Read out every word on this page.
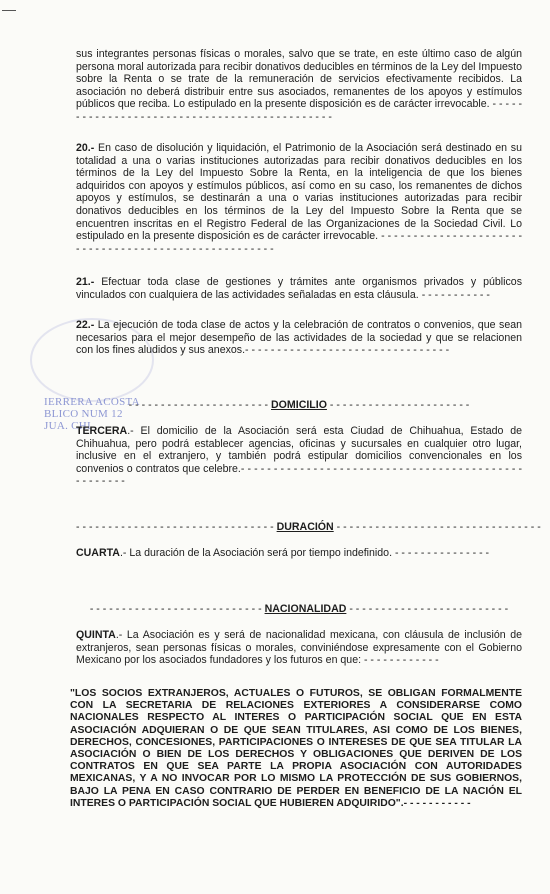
IERRERA ACOSTA
BLICO NUM 12
JUA. CHI
sus integrantes personas físicas o morales, salvo que se trate, en este último caso de algún persona moral autorizada para recibir donativos deducibles en términos de la Ley del Impuesto sobre la Renta o se trate de la remuneración de servicios efectivamente recibidos. La asociación no deberá distribuir entre sus asociados, remanentes de los apoyos y estímulos públicos que reciba. Lo estipulado en la presente disposición es de carácter irrevocable. - - - - - - - - - - - - - - - - - - - - - - - - - - - - - - - - - - - - - - - - - - - - -
20.- En caso de disolución y liquidación, el Patrimonio de la Asociación será destinado en su totalidad a una o varias instituciones autorizadas para recibir donativos deducibles en los términos de la Ley del Impuesto Sobre la Renta, en la inteligencia de que los bienes adquiridos con apoyos y estímulos públicos, así como en su caso, los remanentes de dichos apoyos y estímulos, se destinarán a una o varias instituciones autorizadas para recibir donativos deducibles en los términos de la Ley del Impuesto Sobre la Renta que se encuentren inscritas en el Registro Federal de las Organizaciones de la Sociedad Civil. Lo estipulado en la presente disposición es de carácter irrevocable. - - - - - - - - - - - - - - - - - - - - - - - - - - - - - - - - - - - - - - - - - - - - - - - - - - - - -
21.- Efectuar toda clase de gestiones y trámites ante organismos privados y públicos vinculados con cualquiera de las actividades señaladas en esta cláusula. - - - - - - - - - - -
22.- La ejecución de toda clase de actos y la celebración de contratos o convenios, que sean necesarios para el mejor desempeño de las actividades de la sociedad y que se relacionen con los fines aludidos y sus anexos.- - - - - - - - - - - - - - - - - - - - - - - - - - - - - - - -
- - - - - - - - - - - - - - - - - - - - - - DOMICILIO - - - - - - - - - - - - - - - - - - - - - -
TERCERA.- El domicilio de la Asociación será esta Ciudad de Chihuahua, Estado de Chihuahua, pero podrá establecer agencias, oficinas y sucursales en cualquier otro lugar, inclusive en el extranjero, y también podrá estipular domicilios convencionales en los convenios o contratos que celebre.- - - - - - - - - - - - - - - - - - - - - - - - - - - - - - - - - - - - - - - - - - - - - - - - - - -
- - - - - - - - - - - - - - - - - - - - - - - - - - - - - - - DURACIÓN - - - - - - - - - - - - - - - - - - - - - - - - - - - - - - - -
CUARTA.- La duración de la Asociación será por tiempo indefinido. - - - - - - - - - - - - - - -
- - - - - - - - - - - - - - - - - - - - - - - - - - - NACIONALIDAD - - - - - - - - - - - - - - - - - - - - - - - - -
QUINTA.- La Asociación es y será de nacionalidad mexicana, con cláusula de inclusión de extranjeros, sean personas físicas o morales, conviniéndose expresamente con el Gobierno Mexicano por los asociados fundadores y los futuros en que: - - - - - - - - - - - -
"LOS SOCIOS EXTRANJEROS, ACTUALES O FUTUROS, SE OBLIGAN FORMALMENTE CON LA SECRETARIA DE RELACIONES EXTERIORES A CONSIDERARSE COMO NACIONALES RESPECTO AL INTERES O PARTICIPACIÓN SOCIAL QUE EN ESTA ASOCIACIÓN ADQUIERAN O DE QUE SEAN TITULARES, ASI COMO DE LOS BIENES, DERECHOS, CONCESIONES, PARTICIPACIONES O INTERESES DE QUE SEA TITULAR LA ASOCIACIÓN O BIEN DE LOS DERECHOS Y OBLIGACIONES QUE DERIVEN DE LOS CONTRATOS EN QUE SEA PARTE LA PROPIA ASOCIACIÓN CON AUTORIDADES MEXICANAS, Y A NO INVOCAR POR LO MISMO LA PROTECCIÓN DE SUS GOBIERNOS, BAJO LA PENA EN CASO CONTRARIO DE PERDER EN BENEFICIO DE LA NACIÓN EL INTERES O PARTICIPACIÓN SOCIAL QUE HUBIEREN ADQUIRIDO".- - - - - - - - - - -
